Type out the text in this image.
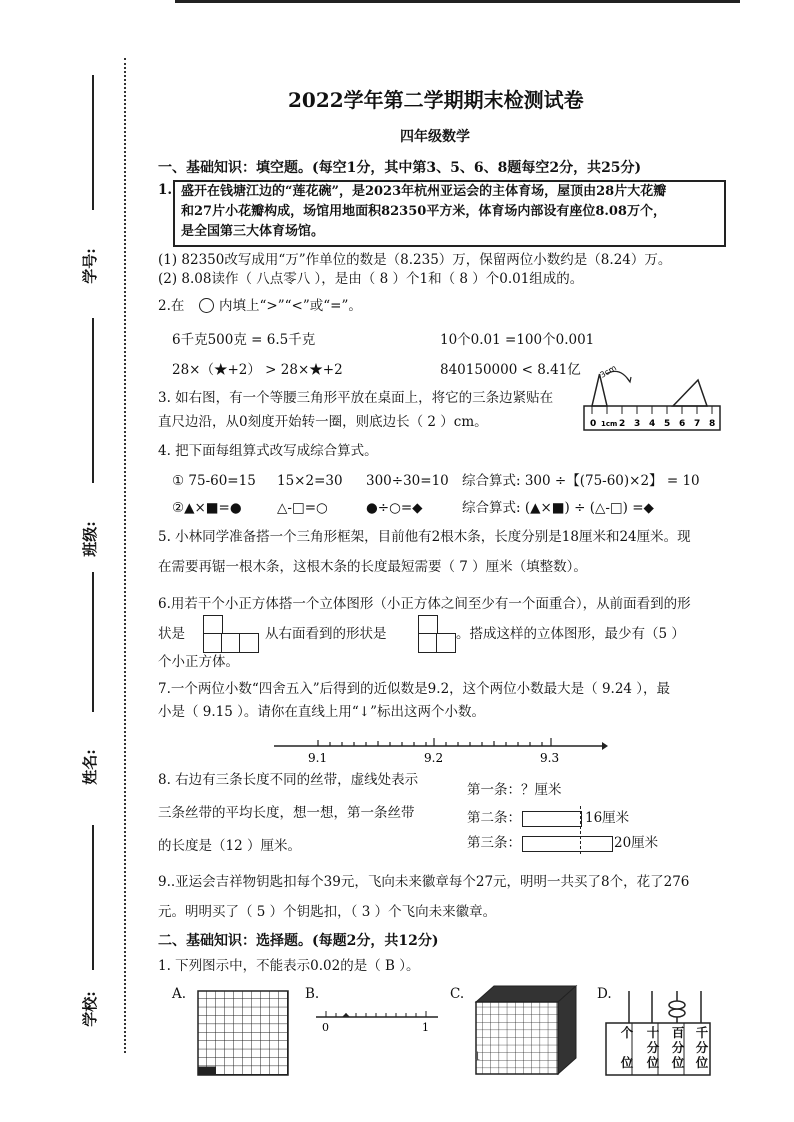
学号:
班级:
姓名:
学校:
2022学年第二学期期末检测试卷
四年级数学
一、基础知识：填空题。(每空1分，其中第3、5、6、8题每空2分，共25分)
1. 盛开在钱塘江边的“莲花碗”，是2023年杭州亚运会的主体育场，屋顶由28片大花瓣
和27片小花瓣构成，场馆用地面积82350平方米，体育场内部设有座位8.08万个，
是全国第三大体育场馆。
(1) 82350改写成用“万”作单位的数是（8.235）万，保留两位小数约是（8.24）万。
(2) 8.08读作（ 八点零八 ），是由（ 8 ）个1和（ 8 ）个0.01组成的。
2.在	内填上“>”“<”或“=”。
6千克500克 = 6.5千克	10个0.01 =100个0.001
28×（★+2） > 28×★+2	840150000 < 8.41亿
3. 如右图，有一个等腰三角形平放在桌面上，将它的三条边紧贴在
直尺边沿，从0刻度开始转一圈，则底边长（ 2 ）cm。	0 1cm 2 3 4 5 6 7 8
3cm
4. 把下面每组算式改写成综合算式。
① 75-60=15 15×2=30 300÷30=10 综合算式: 300 ÷【(75-60)×2】 = 10
②▲×■=●	△-□=○	●÷○=◆	综合算式: (▲×■) ÷ (△-□) =◆
5. 小林同学准备搭一个三角形框架，目前他有2根木条，长度分别是18厘米和24厘米。现
在需要再锯一根木条，这根木条的长度最短需要（ 7 ）厘米（填整数）。
6.用若干个小正方体搭一个立体图形（小正方体之间至少有一个面重合），从前面看到的形
状是	从右面看到的形状是	。搭成这样的立体图形，最少有（5 ）
个小正方体。
7.一个两位小数“四舍五入”后得到的近似数是9.2，这个两位小数最大是（ 9.24 ），最
小是（ 9.15 ）。请你在直线上用“↓”标出这两个小数。
9.1	9.2	9.3
8. 右边有三条长度不同的丝带，虚线处表示
三条丝带的平均长度，想一想，第一条丝带
的长度是（12 ）厘米。
第一条：？厘米
第二条：	16厘米
第三条：	20厘米
9..亚运会吉祥物钥匙扣每个39元，飞向未来徽章每个27元，明明一共买了8个，花了276
元。明明买了（ 5 ）个钥匙扣，（ 3 ）个飞向未来徽章。
二、基础知识：选择题。(每题2分，共12分)
1. 下列图示中，不能表示0.02的是（ B ）。
A.	B.
0	1
C.	D.
个
位
十
分
位
百
分
位
千
分
位
1
